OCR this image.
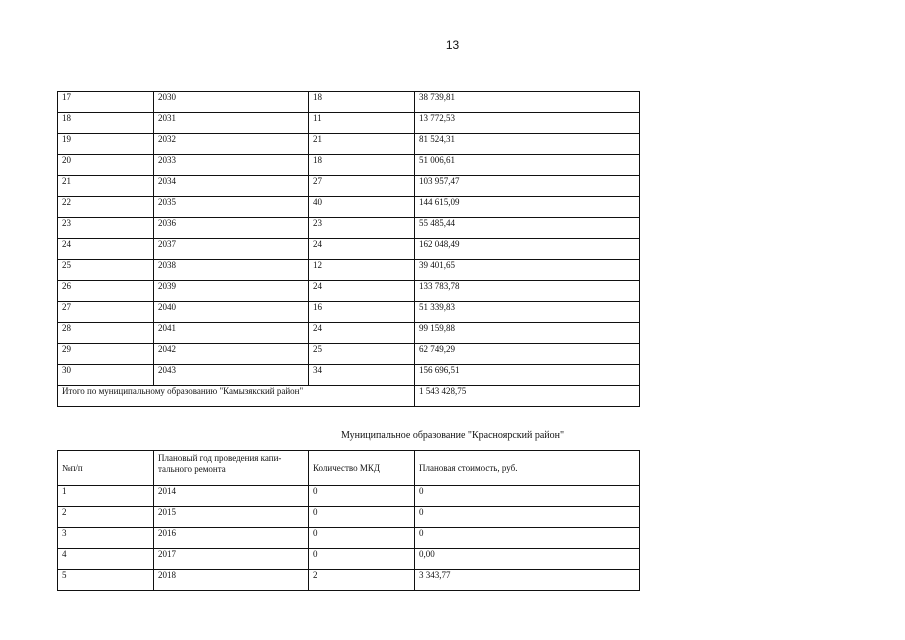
13
17	2030	18	38 739,81
18	2031	11	13 772,53
19	2032	21	81 524,31
20	2033	18	51 006,61
21	2034	27	103 957,47
22	2035	40	144 615,09
23	2036	23	55 485,44
24	2037	24	162 048,49
25	2038	12	39 401,65
26	2039	24	133 783,78
27	2040	16	51 339,83
28	2041	24	99 159,88
29	2042	25	62 749,29
30	2043	34	156 696,51
Итого по муниципальному образованию "Камызякский район"			1 543 428,75
Муниципальное образование "Красноярский район"
№п/п	Плановый год проведения капи-тального ремонта	Количество МКД	Плановая стоимость, руб.
1	2014	0	0
2	2015	0	0
3	2016	0	0
4	2017	0	0,00
5	2018	2	3 343,77
